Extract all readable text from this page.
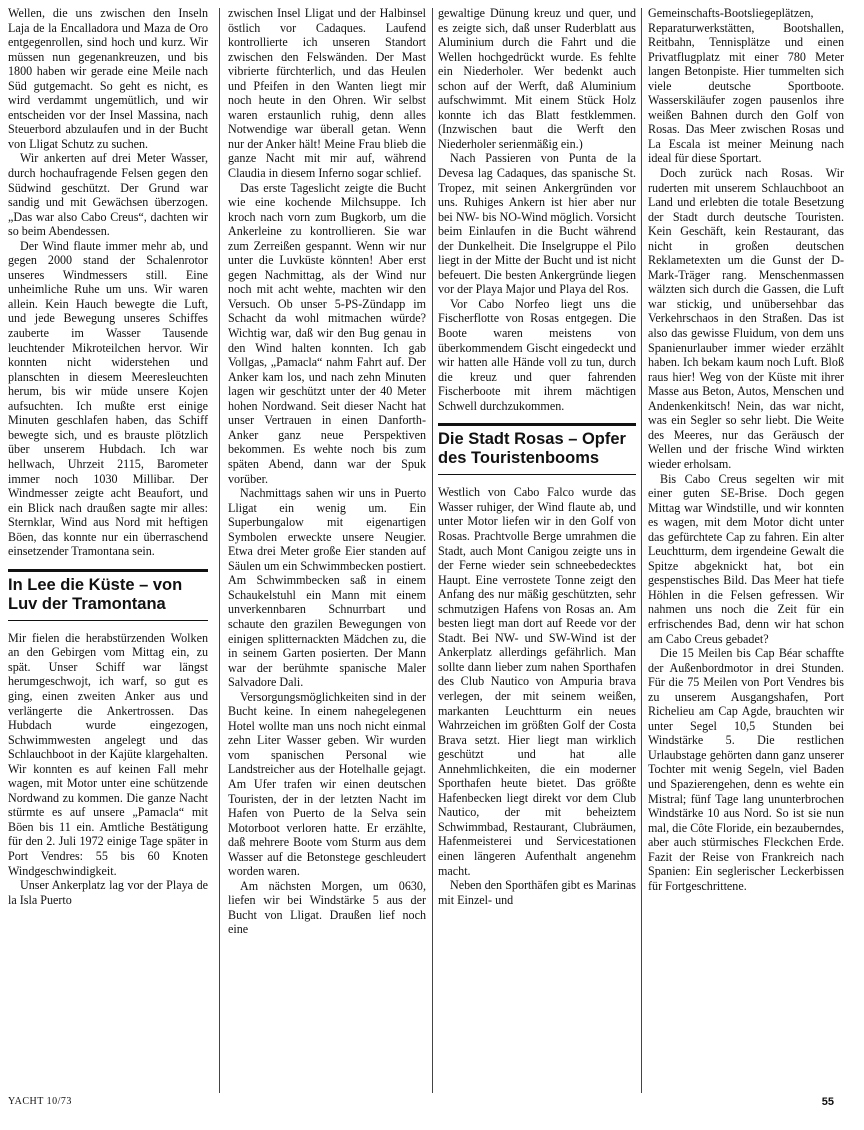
Wellen, die uns zwischen den Inseln Laja de la Encalladora und Maza de Oro entgegenrollen, sind hoch und kurz. Wir müssen nun gegenankreuzen, und bis 1800 haben wir gerade eine Meile nach Süd gutgemacht. So geht es nicht, es wird verdammt ungemütlich, und wir entscheiden vor der Insel Massina, nach Steuerbord abzulaufen und in der Bucht von Lligat Schutz zu suchen.

Wir ankerten auf drei Meter Wasser, durch hochaufragende Felsen gegen den Südwind geschützt. Der Grund war sandig und mit Gewächsen überzogen. „Das war also Cabo Creus“, dachten wir so beim Abendessen.

Der Wind flaute immer mehr ab, und gegen 2000 stand der Schalenrotor unseres Windmessers still. Eine unheimliche Ruhe um uns. Wir waren allein. Kein Hauch bewegte die Luft, und jede Bewegung unseres Schiffes zauberte im Wasser Tausende leuchtender Mikroteilchen hervor. Wir konnten nicht widerstehen und planschten in diesem Meeresleuchten herum, bis wir müde unsere Kojen aufsuchten. Ich mußte erst einige Minuten geschlafen haben, das Schiff bewegte sich, und es brauste plötzlich über unserem Hubdach. Ich war hellwach, Uhrzeit 2115, Barometer immer noch 1030 Millibar. Der Windmesser zeigte acht Beaufort, und ein Blick nach draußen sagte mir alles: Sternklar, Wind aus Nord mit heftigen Böen, das konnte nur ein überraschend einsetzender Tramontana sein.

In Lee die Küste – von Luv der Tramontana

Mir fielen die herabstürzenden Wolken an den Gebirgen vom Mittag ein, zu spät. Unser Schiff war längst herumgeschwojt, ich warf, so gut es ging, einen zweiten Anker aus und verlängerte die Ankertrossen. Das Hubdach wurde eingezogen, Schwimmwesten angelegt und das Schlauchboot in der Kajüte klargehalten. Wir konnten es auf keinen Fall mehr wagen, mit Motor unter eine schützende Nordwand zu kommen. Die ganze Nacht stürmte es auf unsere „Pamacla“ mit Böen bis 11 ein. Amtliche Bestätigung für den 2. Juli 1972 einige Tage später in Port Vendres: 55 bis 60 Knoten Windgeschwindigkeit.

Unser Ankerplatz lag vor der Playa de la Isla Puerto

zwischen Insel Lligat und der Halbinsel östlich vor Cadaques. Laufend kontrollierte ich unseren Standort zwischen den Felswänden. Der Mast vibrierte fürchterlich, und das Heulen und Pfeifen in den Wanten liegt mir noch heute in den Ohren. Wir selbst waren erstaunlich ruhig, denn alles Notwendige war überall getan. Wenn nur der Anker hält! Meine Frau blieb die ganze Nacht mit mir auf, während Claudia in diesem Inferno sogar schlief.

Das erste Tageslicht zeigte die Bucht wie eine kochende Milchsuppe. Ich kroch nach vorn zum Bugkorb, um die Ankerleine zu kontrollieren. Sie war zum Zerreißen gespannt. Wenn wir nur unter die Luvküste könnten! Aber erst gegen Nachmittag, als der Wind nur noch mit acht wehte, machten wir den Versuch. Ob unser 5-PS-Zündapp im Schacht da wohl mitmachen würde? Wichtig war, daß wir den Bug genau in den Wind halten konnten. Ich gab Vollgas, „Pamacla“ nahm Fahrt auf. Der Anker kam los, und nach zehn Minuten lagen wir geschützt unter der 40 Meter hohen Nordwand. Seit dieser Nacht hat unser Vertrauen in einen Danforth-Anker ganz neue Perspektiven bekommen. Es wehte noch bis zum späten Abend, dann war der Spuk vorüber.

Nachmittags sahen wir uns in Puerto Lligat ein wenig um. Ein Superbungalow mit eigenartigen Symbolen erweckte unsere Neugier. Etwa drei Meter große Eier standen auf Säulen um ein Schwimmbecken postiert. Am Schwimmbecken saß in einem Schaukelstuhl ein Mann mit einem unverkennbaren Schnurrbart und schaute den grazilen Bewegungen von einigen splitternackten Mädchen zu, die in seinem Garten posierten. Der Mann war der berühmte spanische Maler Salvadore Dali.

Versorgungsmöglichkeiten sind in der Bucht keine. In einem nahegelegenen Hotel wollte man uns noch nicht einmal zehn Liter Wasser geben. Wir wurden vom spanischen Personal wie Landstreicher aus der Hotelhalle gejagt. Am Ufer trafen wir einen deutschen Touristen, der in der letzten Nacht im Hafen von Puerto de la Selva sein Motorboot verloren hatte. Er erzählte, daß mehrere Boote vom Sturm aus dem Wasser auf die Betonstege geschleudert worden waren.

Am nächsten Morgen, um 0630, liefen wir bei Windstärke 5 aus der Bucht von Lligat. Draußen lief noch eine

gewaltige Dünung kreuz und quer, und es zeigte sich, daß unser Ruderblatt aus Aluminium durch die Fahrt und die Wellen hochgedrückt wurde. Es fehlte ein Niederholer. Wer bedenkt auch schon auf der Werft, daß Aluminium aufschwimmt. Mit einem Stück Holz konnte ich das Blatt festklemmen. (Inzwischen baut die Werft den Niederholer serienmäßig ein.)

Nach Passieren von Punta de la Devesa lag Cadaques, das spanische St. Tropez, mit seinen Ankergründen vor uns. Ruhiges Ankern ist hier aber nur bei NW- bis NO-Wind möglich. Vorsicht beim Einlaufen in die Bucht während der Dunkelheit. Die Inselgruppe el Pilo liegt in der Mitte der Bucht und ist nicht befeuert. Die besten Ankergründe liegen vor der Playa Major und Playa del Ros.

Vor Cabo Norfeo liegt uns die Fischerflotte von Rosas entgegen. Die Boote waren meistens von überkommendem Gischt eingedeckt und wir hatten alle Hände voll zu tun, durch die kreuz und quer fahrenden Fischerboote mit ihrem mächtigen Schwell durchzukommen.

Die Stadt Rosas – Opfer des Touristenbooms

Westlich von Cabo Falco wurde das Wasser ruhiger, der Wind flaute ab, und unter Motor liefen wir in den Golf von Rosas. Prachtvolle Berge umrahmen die Stadt, auch Mont Canigou zeigte uns in der Ferne wieder sein schneebedecktes Haupt. Eine verrostete Tonne zeigt den Anfang des nur mäßig geschützten, sehr schmutzigen Hafens von Rosas an. Am besten liegt man dort auf Reede vor der Stadt. Bei NW- und SW-Wind ist der Ankerplatz allerdings gefährlich. Man sollte dann lieber zum nahen Sporthafen des Club Nautico von Ampuria brava verlegen, der mit seinem weißen, markanten Leuchtturm ein neues Wahrzeichen im größten Golf der Costa Brava setzt. Hier liegt man wirklich geschützt und hat alle Annehmlichkeiten, die ein moderner Sporthafen heute bietet. Das größte Hafenbecken liegt direkt vor dem Club Nautico, der mit beheiztem Schwimmbad, Restaurant, Clubräumen, Hafenmeisterei und Servicestationen einen längeren Aufenthalt angenehm macht.

Neben den Sporthäfen gibt es Marinas mit Einzel- und

Gemeinschafts-Bootsliegeplätzen, Reparaturwerkstätten, Bootshallen, Reitbahn, Tennisplätze und einen Privatflugplatz mit einer 780 Meter langen Betonpiste. Hier tummelten sich viele deutsche Sportboote. Wasserskiläufer zogen pausenlos ihre weißen Bahnen durch den Golf von Rosas. Das Meer zwischen Rosas und La Escala ist meiner Meinung nach ideal für diese Sportart.

Doch zurück nach Rosas. Wir ruderten mit unserem Schlauchboot an Land und erlebten die totale Besetzung der Stadt durch deutsche Touristen. Kein Geschäft, kein Restaurant, das nicht in großen deutschen Reklametexten um die Gunst der D-Mark-Träger rang. Menschenmassen wälzten sich durch die Gassen, die Luft war stickig, und unübersehbar das Verkehrschaos in den Straßen. Das ist also das gewisse Fluidum, von dem uns Spanienurlauber immer wieder erzählt haben. Ich bekam kaum noch Luft. Bloß raus hier! Weg von der Küste mit ihrer Masse aus Beton, Autos, Menschen und Andenkenkitsch! Nein, das war nicht, was ein Segler so sehr liebt. Die Weite des Meeres, nur das Geräusch der Wellen und der frische Wind wirkten wieder erholsam.

Bis Cabo Creus segelten wir mit einer guten SE-Brise. Doch gegen Mittag war Windstille, und wir konnten es wagen, mit dem Motor dicht unter das gefürchtete Cap zu fahren. Ein alter Leuchtturm, dem irgendeine Gewalt die Spitze abgeknickt hat, bot ein gespenstisches Bild. Das Meer hat tiefe Höhlen in die Felsen gefressen. Wir nahmen uns noch die Zeit für ein erfrischendes Bad, denn wir hat schon am Cabo Creus gebadet?

Die 15 Meilen bis Cap Béar schaffte der Außenbordmotor in drei Stunden. Für die 75 Meilen von Port Vendres bis zu unserem Ausgangshafen, Port Richelieu am Cap Agde, brauchten wir unter Segel 10,5 Stunden bei Windstärke 5. Die restlichen Urlaubstage gehörten dann ganz unserer Tochter mit wenig Segeln, viel Baden und Spazierengehen, denn es wehte ein Mistral; fünf Tage lang ununterbrochen Windstärke 10 aus Nord. So ist sie nun mal, die Côte Floride, ein bezauberndes, aber auch stürmisches Fleckchen Erde. Fazit der Reise von Frankreich nach Spanien: Ein seglerischer Leckerbissen für Fortgeschrittene.

YACHT 10/73	55
